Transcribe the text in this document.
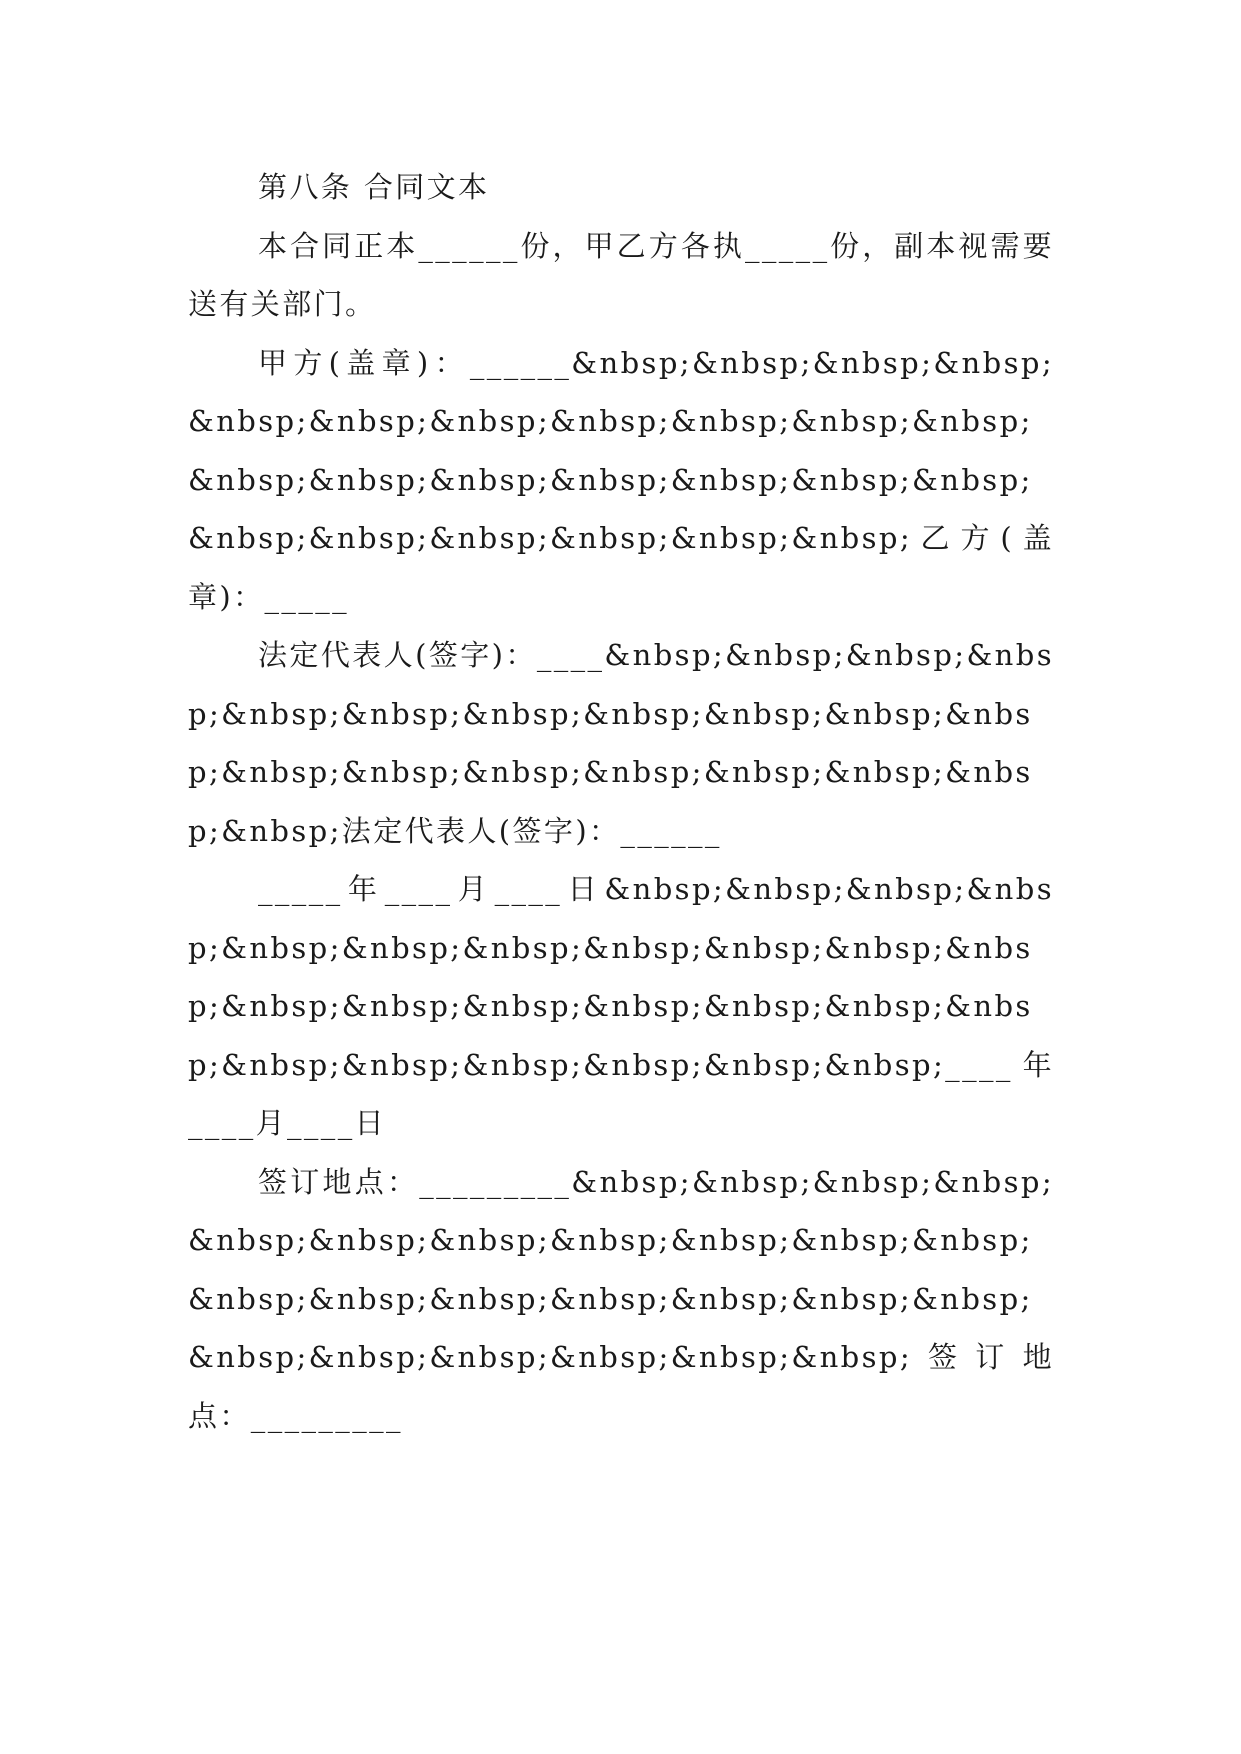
第八条 合同文本

本合同正本______份，甲乙方各执_____份，副本视需要送有关部门。

甲方(盖章)：______&nbsp;&nbsp;&nbsp;&nbsp;&nbsp;&nbsp;&nbsp;&nbsp;&nbsp;&nbsp;&nbsp;&nbsp;&nbsp;&nbsp;&nbsp;&nbsp;&nbsp;&nbsp;&nbsp;&nbsp;&nbsp;&nbsp;&nbsp;&nbsp;乙方(盖章)：_____

法定代表人(签字)：____&nbsp;&nbsp;&nbsp;&nbsp;&nbsp;&nbsp;&nbsp;&nbsp;&nbsp;&nbsp;&nbsp;&nbsp;&nbsp;&nbsp;&nbsp;&nbsp;&nbsp;&nbsp;&nbsp;法定代表人(签字)：______

_____年____月____日&nbsp;&nbsp;&nbsp;&nbsp;&nbsp;&nbsp;&nbsp;&nbsp;&nbsp;&nbsp;&nbsp;&nbsp;&nbsp;&nbsp;&nbsp;&nbsp;&nbsp;&nbsp;&nbsp;&nbsp;&nbsp;&nbsp;&nbsp;&nbsp;____年____月____日

签订地点：_________&nbsp;&nbsp;&nbsp;&nbsp;&nbsp;&nbsp;&nbsp;&nbsp;&nbsp;&nbsp;&nbsp;&nbsp;&nbsp;&nbsp;&nbsp;&nbsp;&nbsp;&nbsp;&nbsp;&nbsp;&nbsp;&nbsp;&nbsp;&nbsp;签订地点：_________
